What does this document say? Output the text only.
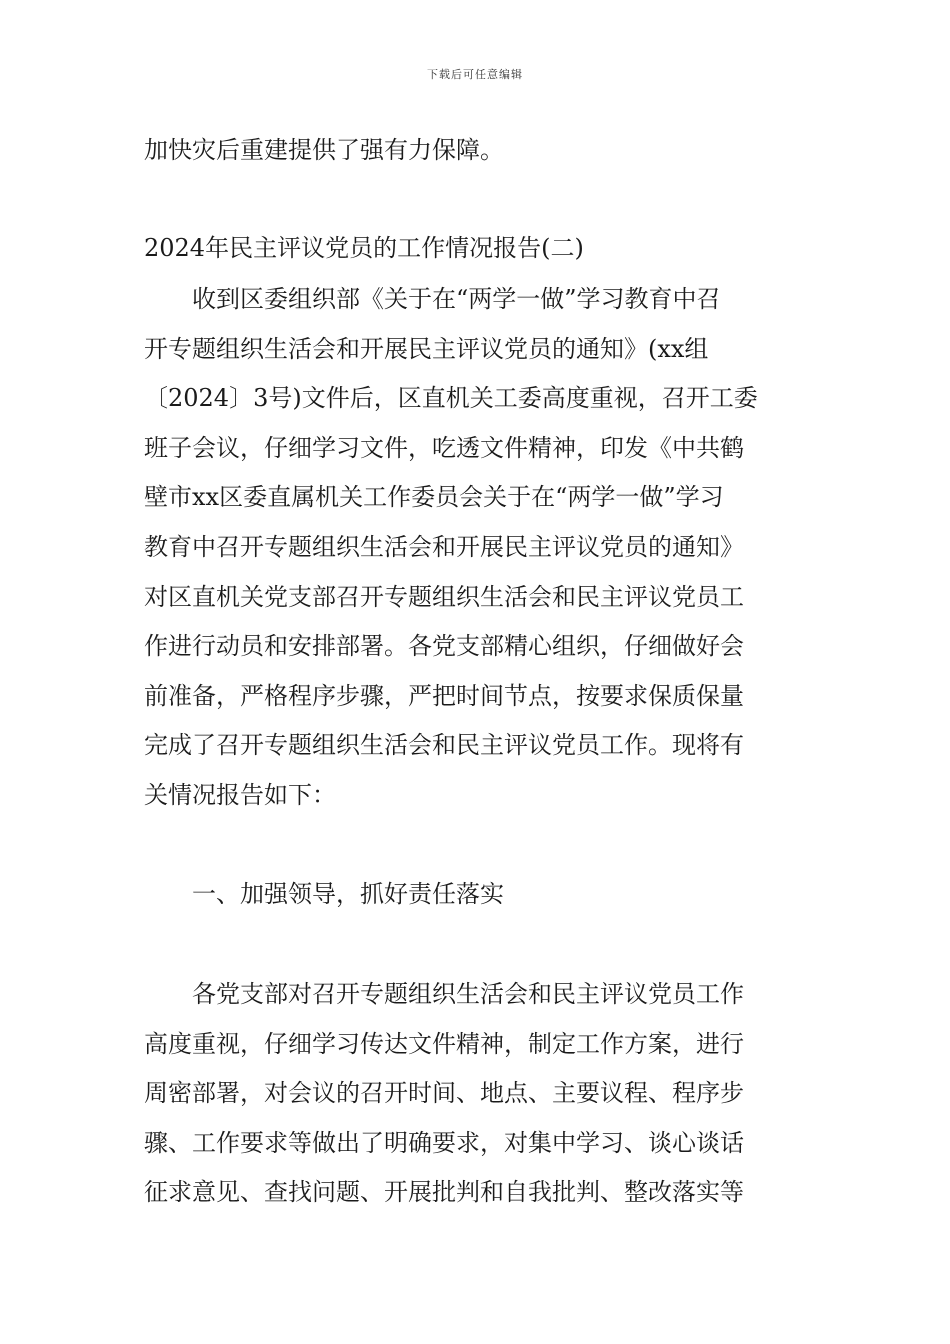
下载后可任意编辑
加快灾后重建提供了强有力保障。
2024年民主评议党员的工作情况报告(二)
收到区委组织部《关于在“两学一做”学习教育中召
开专题组织生活会和开展民主评议党员的通知》(xx组
〔2024〕3号)文件后，区直机关工委高度重视，召开工委
班子会议，仔细学习文件，吃透文件精神，印发《中共鹤
壁市xx区委直属机关工作委员会关于在“两学一做”学习
教育中召开专题组织生活会和开展民主评议党员的通知》
对区直机关党支部召开专题组织生活会和民主评议党员工
作进行动员和安排部署。各党支部精心组织，仔细做好会
前准备，严格程序步骤，严把时间节点，按要求保质保量
完成了召开专题组织生活会和民主评议党员工作。现将有
关情况报告如下：
一、加强领导，抓好责任落实
各党支部对召开专题组织生活会和民主评议党员工作
高度重视，仔细学习传达文件精神，制定工作方案，进行
周密部署，对会议的召开时间、地点、主要议程、程序步
骤、工作要求等做出了明确要求，对集中学习、谈心谈话
征求意见、查找问题、开展批判和自我批判、整改落实等
